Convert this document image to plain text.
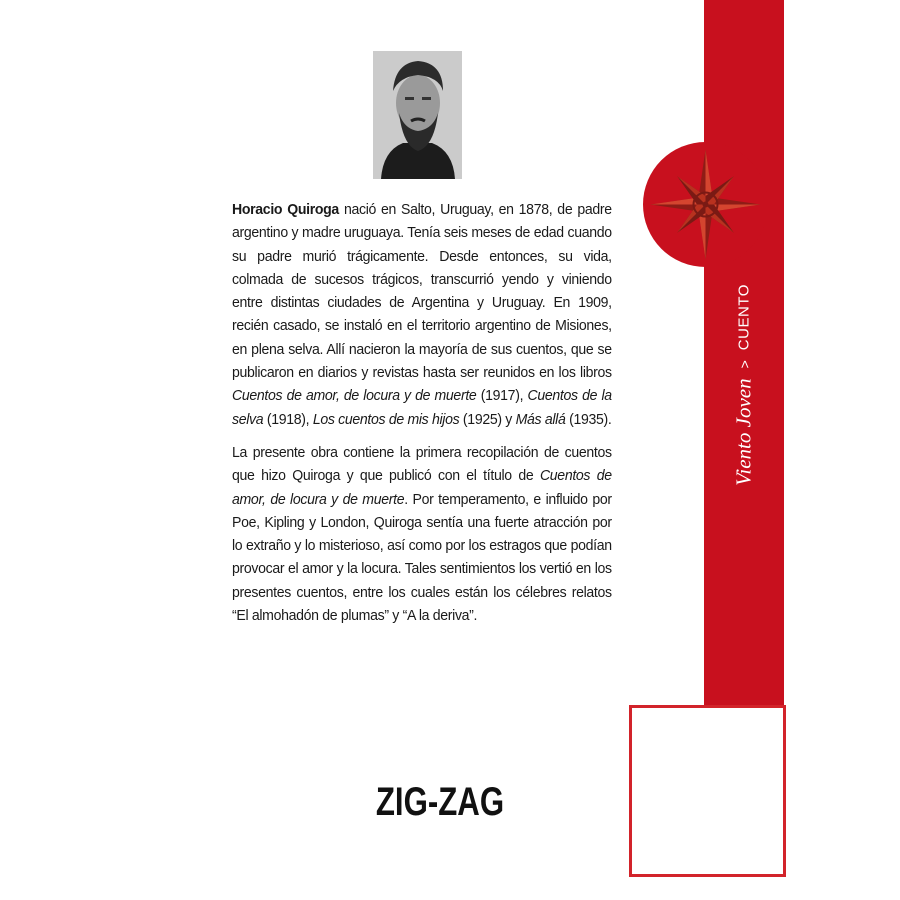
Horacio Quiroga nació en Salto, Uruguay, en 1878, de padre argentino y madre uruguaya. Tenía seis meses de edad cuando su padre murió trágicamente. Desde entonces, su vida, colmada de sucesos trágicos, transcurrió yendo y viniendo entre distintas ciudades de Argentina y Uruguay. En 1909, recién casado, se instaló en el territorio argentino de Misiones, en plena selva. Allí nacieron la mayoría de sus cuentos, que se publicaron en diarios y revistas hasta ser reunidos en los libros Cuentos de amor, de locura y de muerte (1917), Cuentos de la selva (1918), Los cuentos de mis hijos (1925) y Más allá (1935).

La presente obra contiene la primera recopilación de cuentos que hizo Quiroga y que publicó con el título de Cuentos de amor, de locura y de muerte. Por temperamento, e influido por Poe, Kipling y London, Quiroga sentía una fuerte atracción por lo extraño y lo misterioso, así como por los estragos que podían provocar el amor y la locura. Tales sentimientos los vertió en los presentes cuentos, entre los cuales están los célebres relatos “El almohadón de plumas” y “A la deriva”.

ZIG-ZAG
Viento Joven
>
CUENTO
